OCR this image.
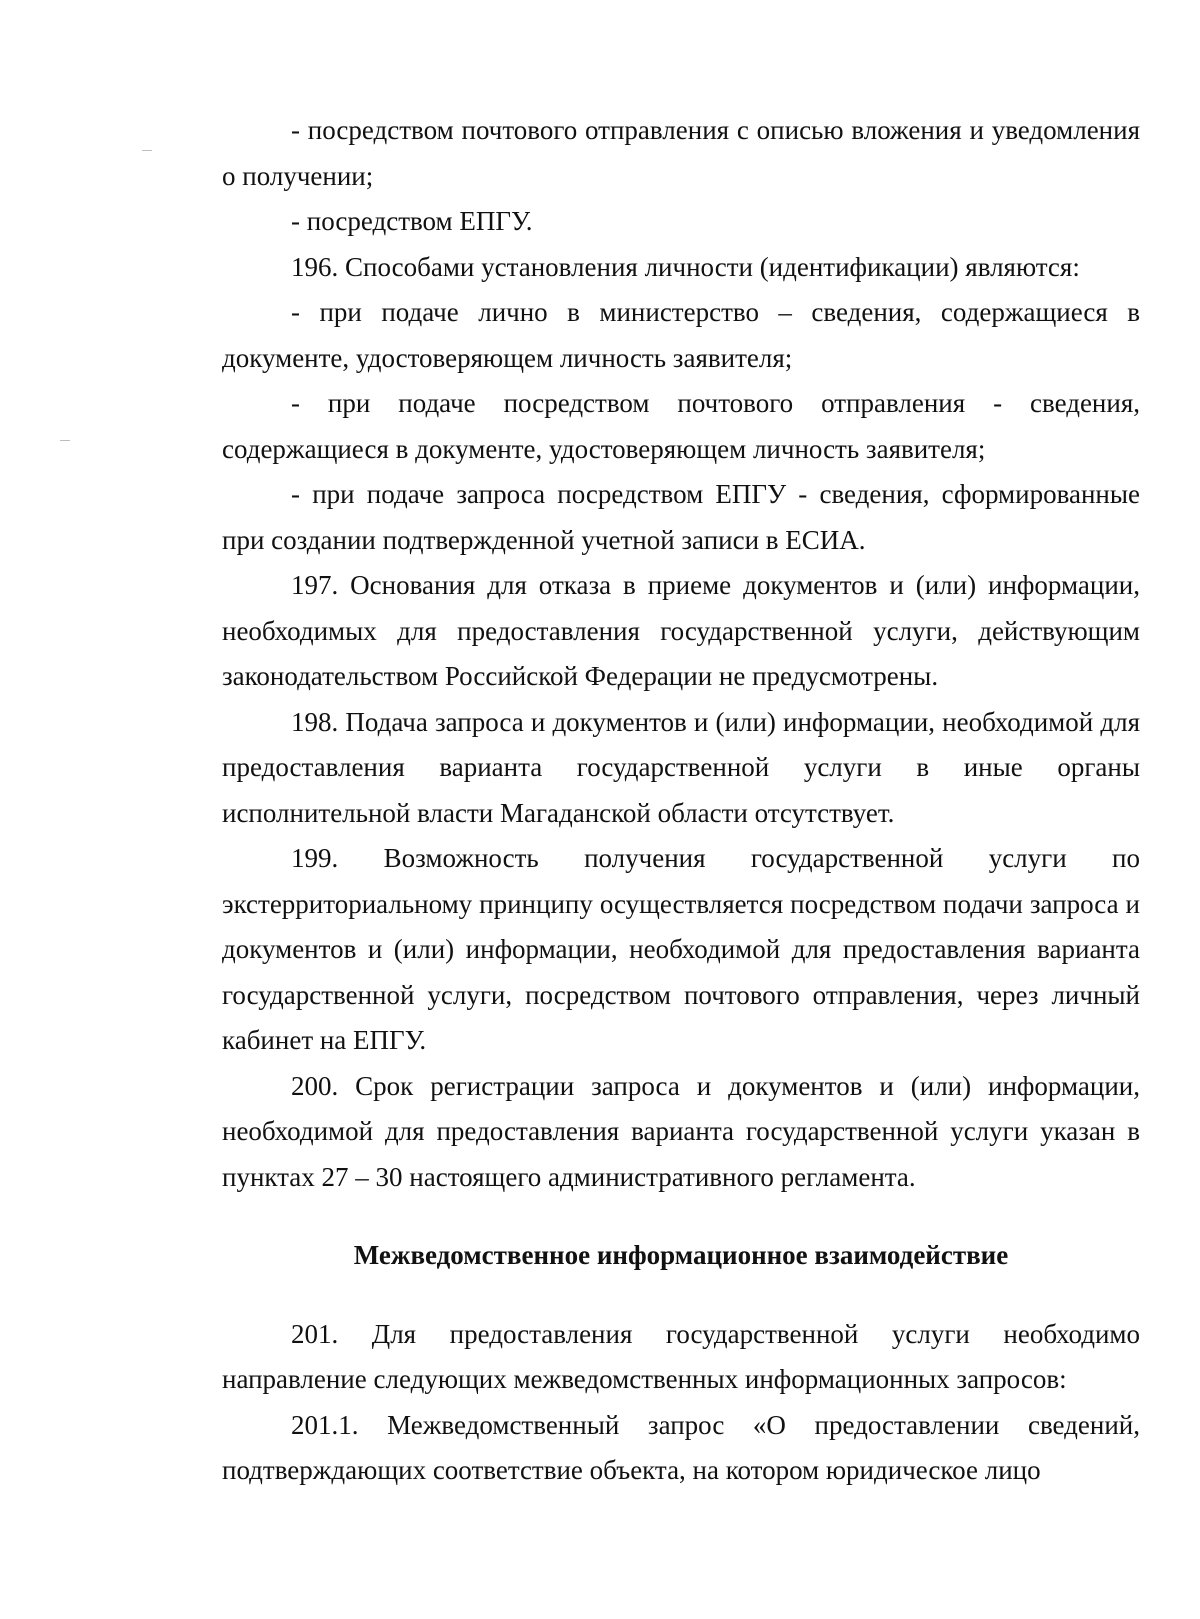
- посредством почтового отправления с описью вложения и уведомления о получении;

- посредством ЕПГУ.

196. Способами установления личности (идентификации) являются:

- при подаче лично в министерство – сведения, содержащиеся в документе, удостоверяющем личность заявителя;

- при подаче посредством почтового отправления - сведения, содержащиеся в документе, удостоверяющем личность заявителя;

- при подаче запроса посредством ЕПГУ - сведения, сформированные при создании подтвержденной учетной записи в ЕСИА.

197. Основания для отказа в приеме документов и (или) информации, необходимых для предоставления государственной услуги, действующим законодательством Российской Федерации не предусмотрены.

198. Подача запроса и документов и (или) информации, необходимой для предоставления варианта государственной услуги в иные органы исполнительной власти Магаданской области отсутствует.

199. Возможность получения государственной услуги по экстерриториальному принципу осуществляется посредством подачи запроса и документов и (или) информации, необходимой для предоставления варианта государственной услуги, посредством почтового отправления, через личный кабинет на ЕПГУ.

200. Срок регистрации запроса и документов и (или) информации, необходимой для предоставления варианта государственной услуги указан в пунктах 27 – 30 настоящего административного регламента.

Межведомственное информационное взаимодействие

201. Для предоставления государственной услуги необходимо направление следующих межведомственных информационных запросов:

201.1. Межведомственный запрос «О предоставлении сведений, подтверждающих соответствие объекта, на котором юридическое лицо
